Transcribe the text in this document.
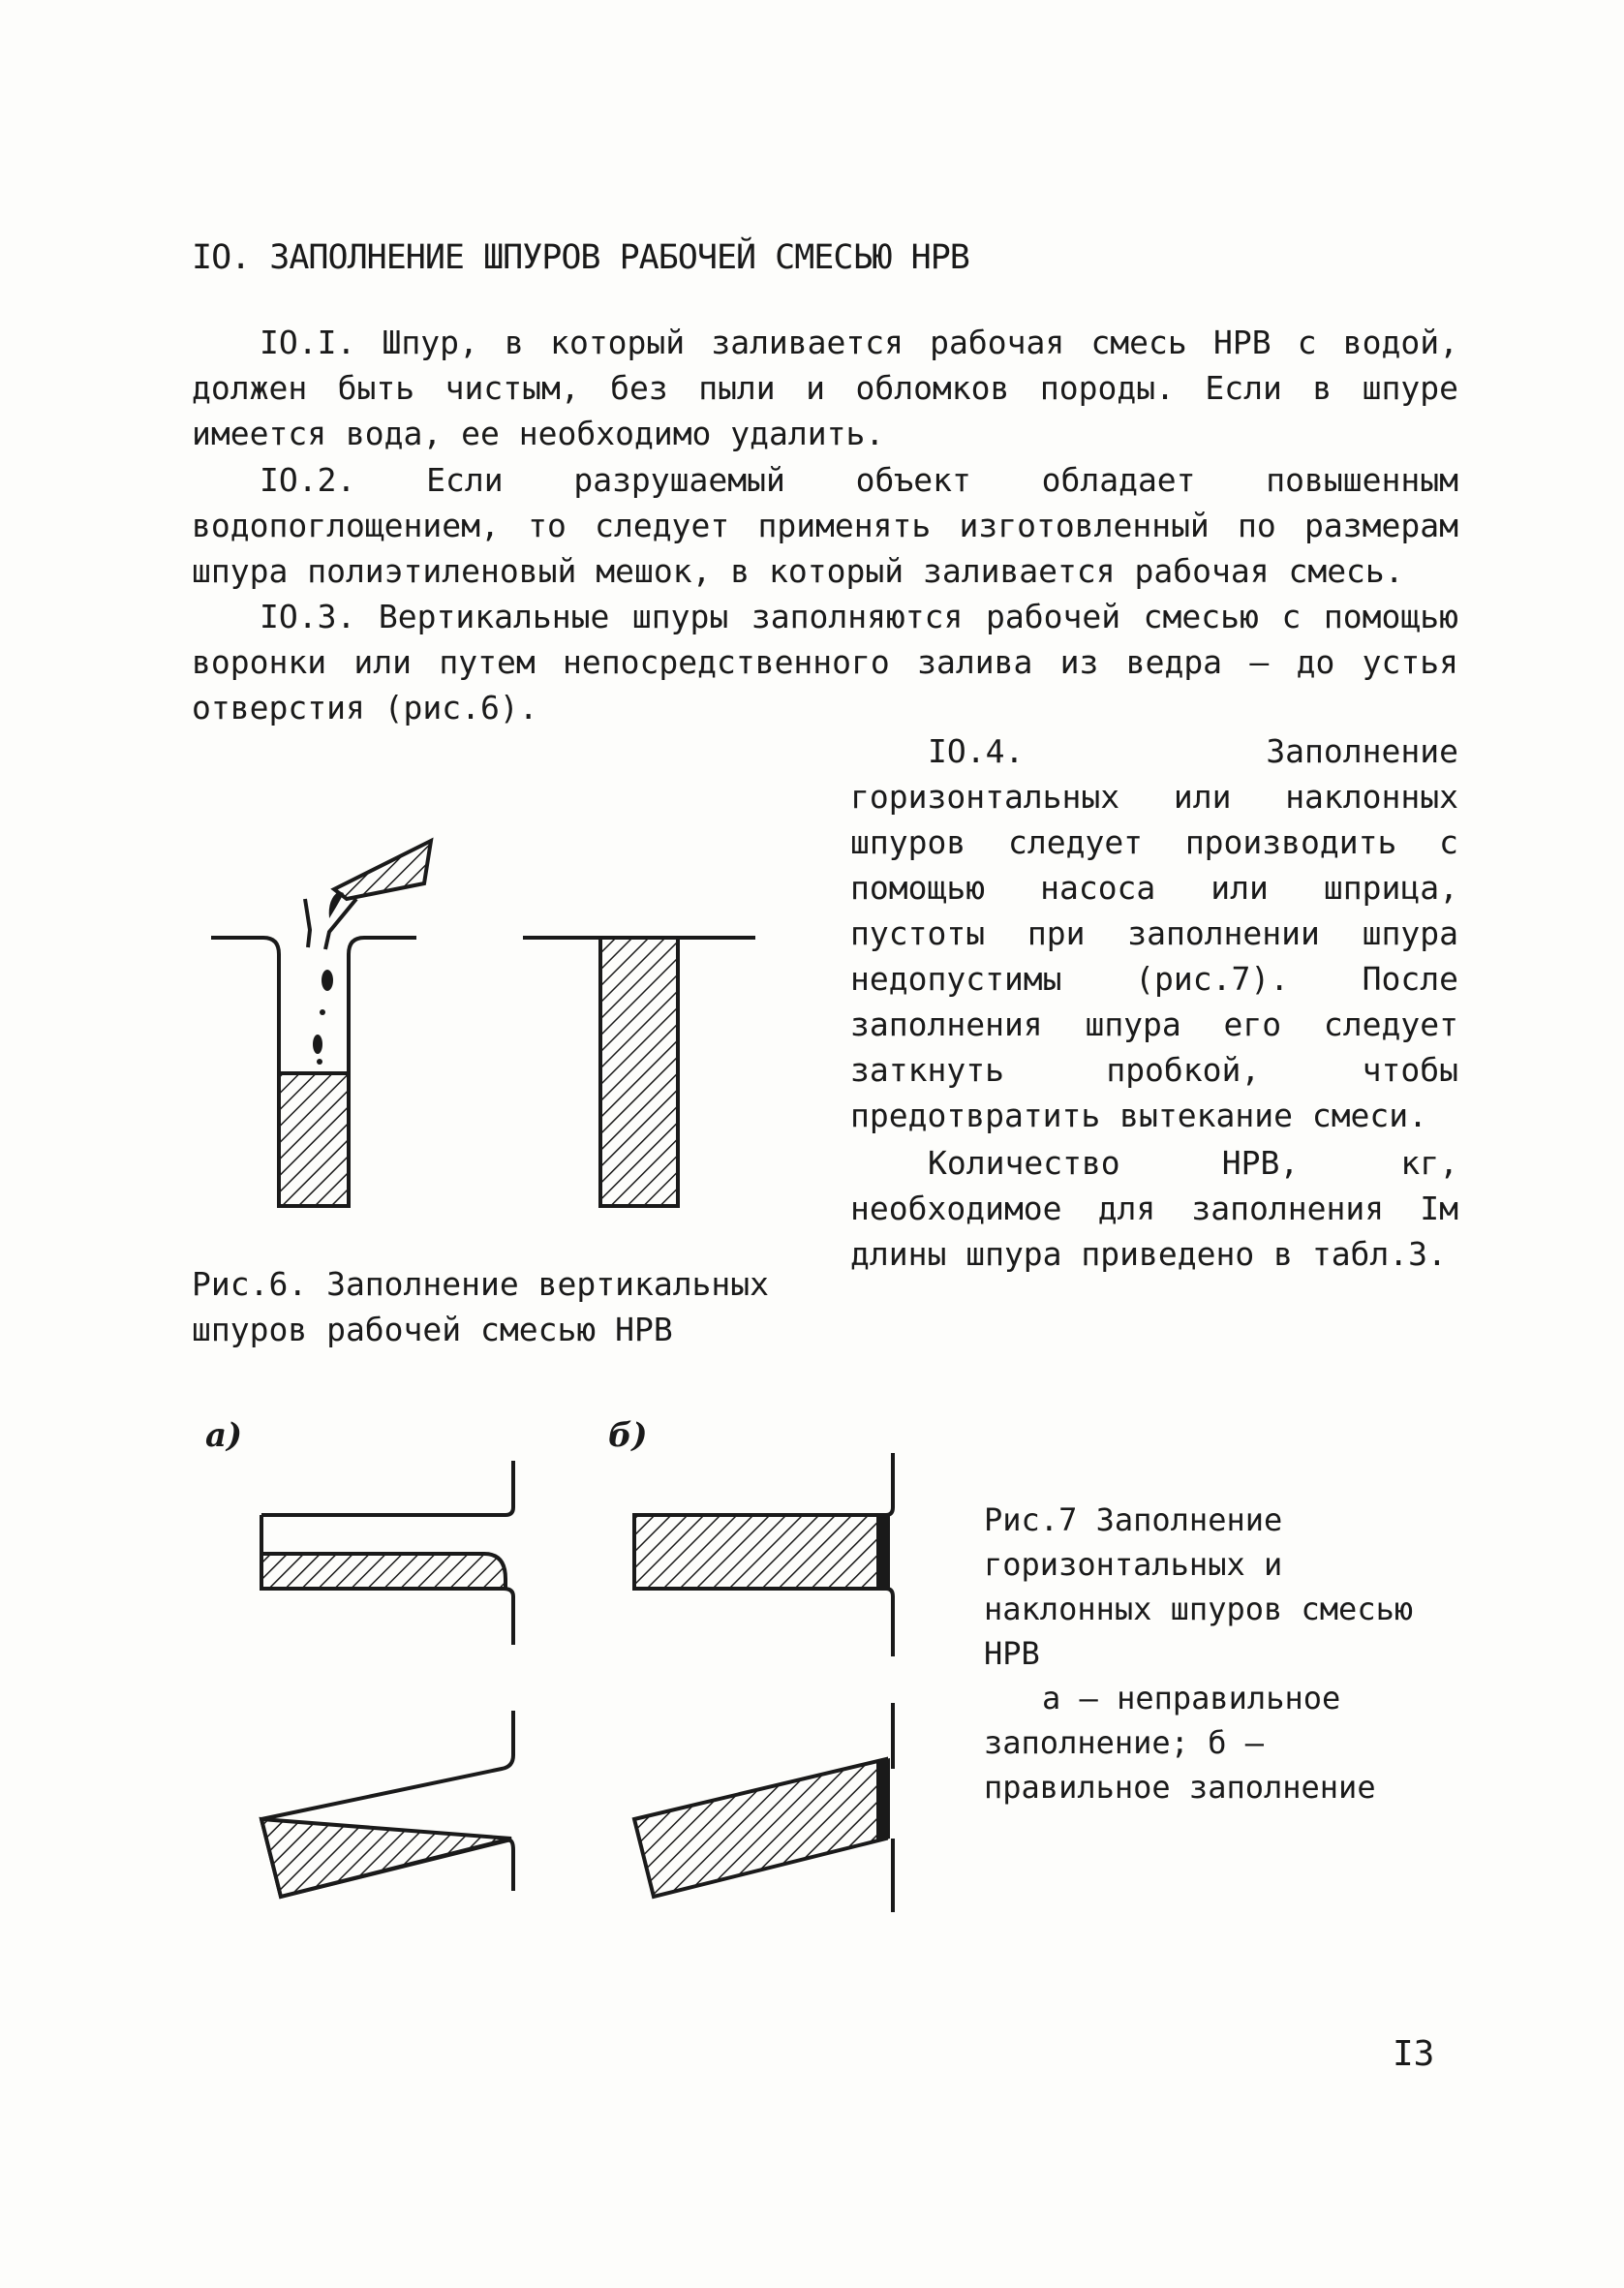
IO. ЗАПОЛНЕНИЕ ШПУРОВ РАБОЧЕЙ СМЕСЬЮ НРВ

IO.I. Шпур, в который заливается рабочая смесь НРВ с водой, должен быть чистым, без пыли и обломков породы. Если в шпуре имеется вода, ее необходимо удалить.

IO.2. Если разрушаемый объект обладает повышенным водопоглощением, то следует применять изготовленный по размерам шпура полиэтиленовый мешок, в который заливается рабочая смесь.

IO.3. Вертикальные шпуры заполняются рабочей смесью с помощью воронки или путем непосредственного залива из ведра – до устья отверстия (рис.6).

IO.4. Заполнение горизонтальных или наклонных шпуров следует производить с помощью насоса или шприца, пустоты при заполнении шпура недопустимы (рис.7). После заполнения шпура его следует заткнуть пробкой, чтобы предотвратить вытекание смеси.

Количество НРВ, кг, необходимое для заполнения Iм длины шпура приведено в табл.3.

Рис.6. Заполнение вертикальных шпуров рабочей смесью НРВ

а)	б)
Рис.7 Заполнение горизонтальных и наклонных шпуров смесью НРВ
а – неправильное заполнение; б – правильное заполнение
I3
